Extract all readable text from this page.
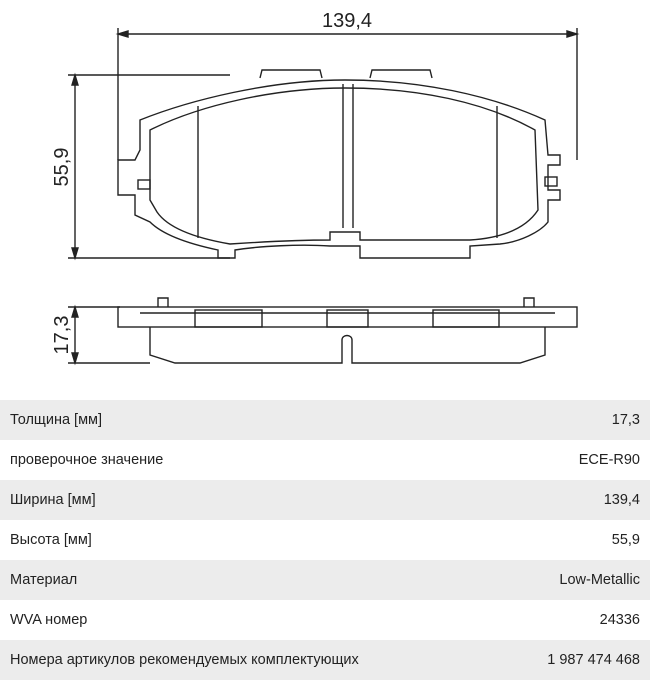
139,4
55,9
17,3
Толщина [мм]	17,3
проверочное значение	ECE-R90
Ширина [мм]	139,4
Высота [мм]	55,9
Материал	Low-Metallic
WVA номер	24336
Номера артикулов рекомендуемых комплектующих	1 987 474 468
